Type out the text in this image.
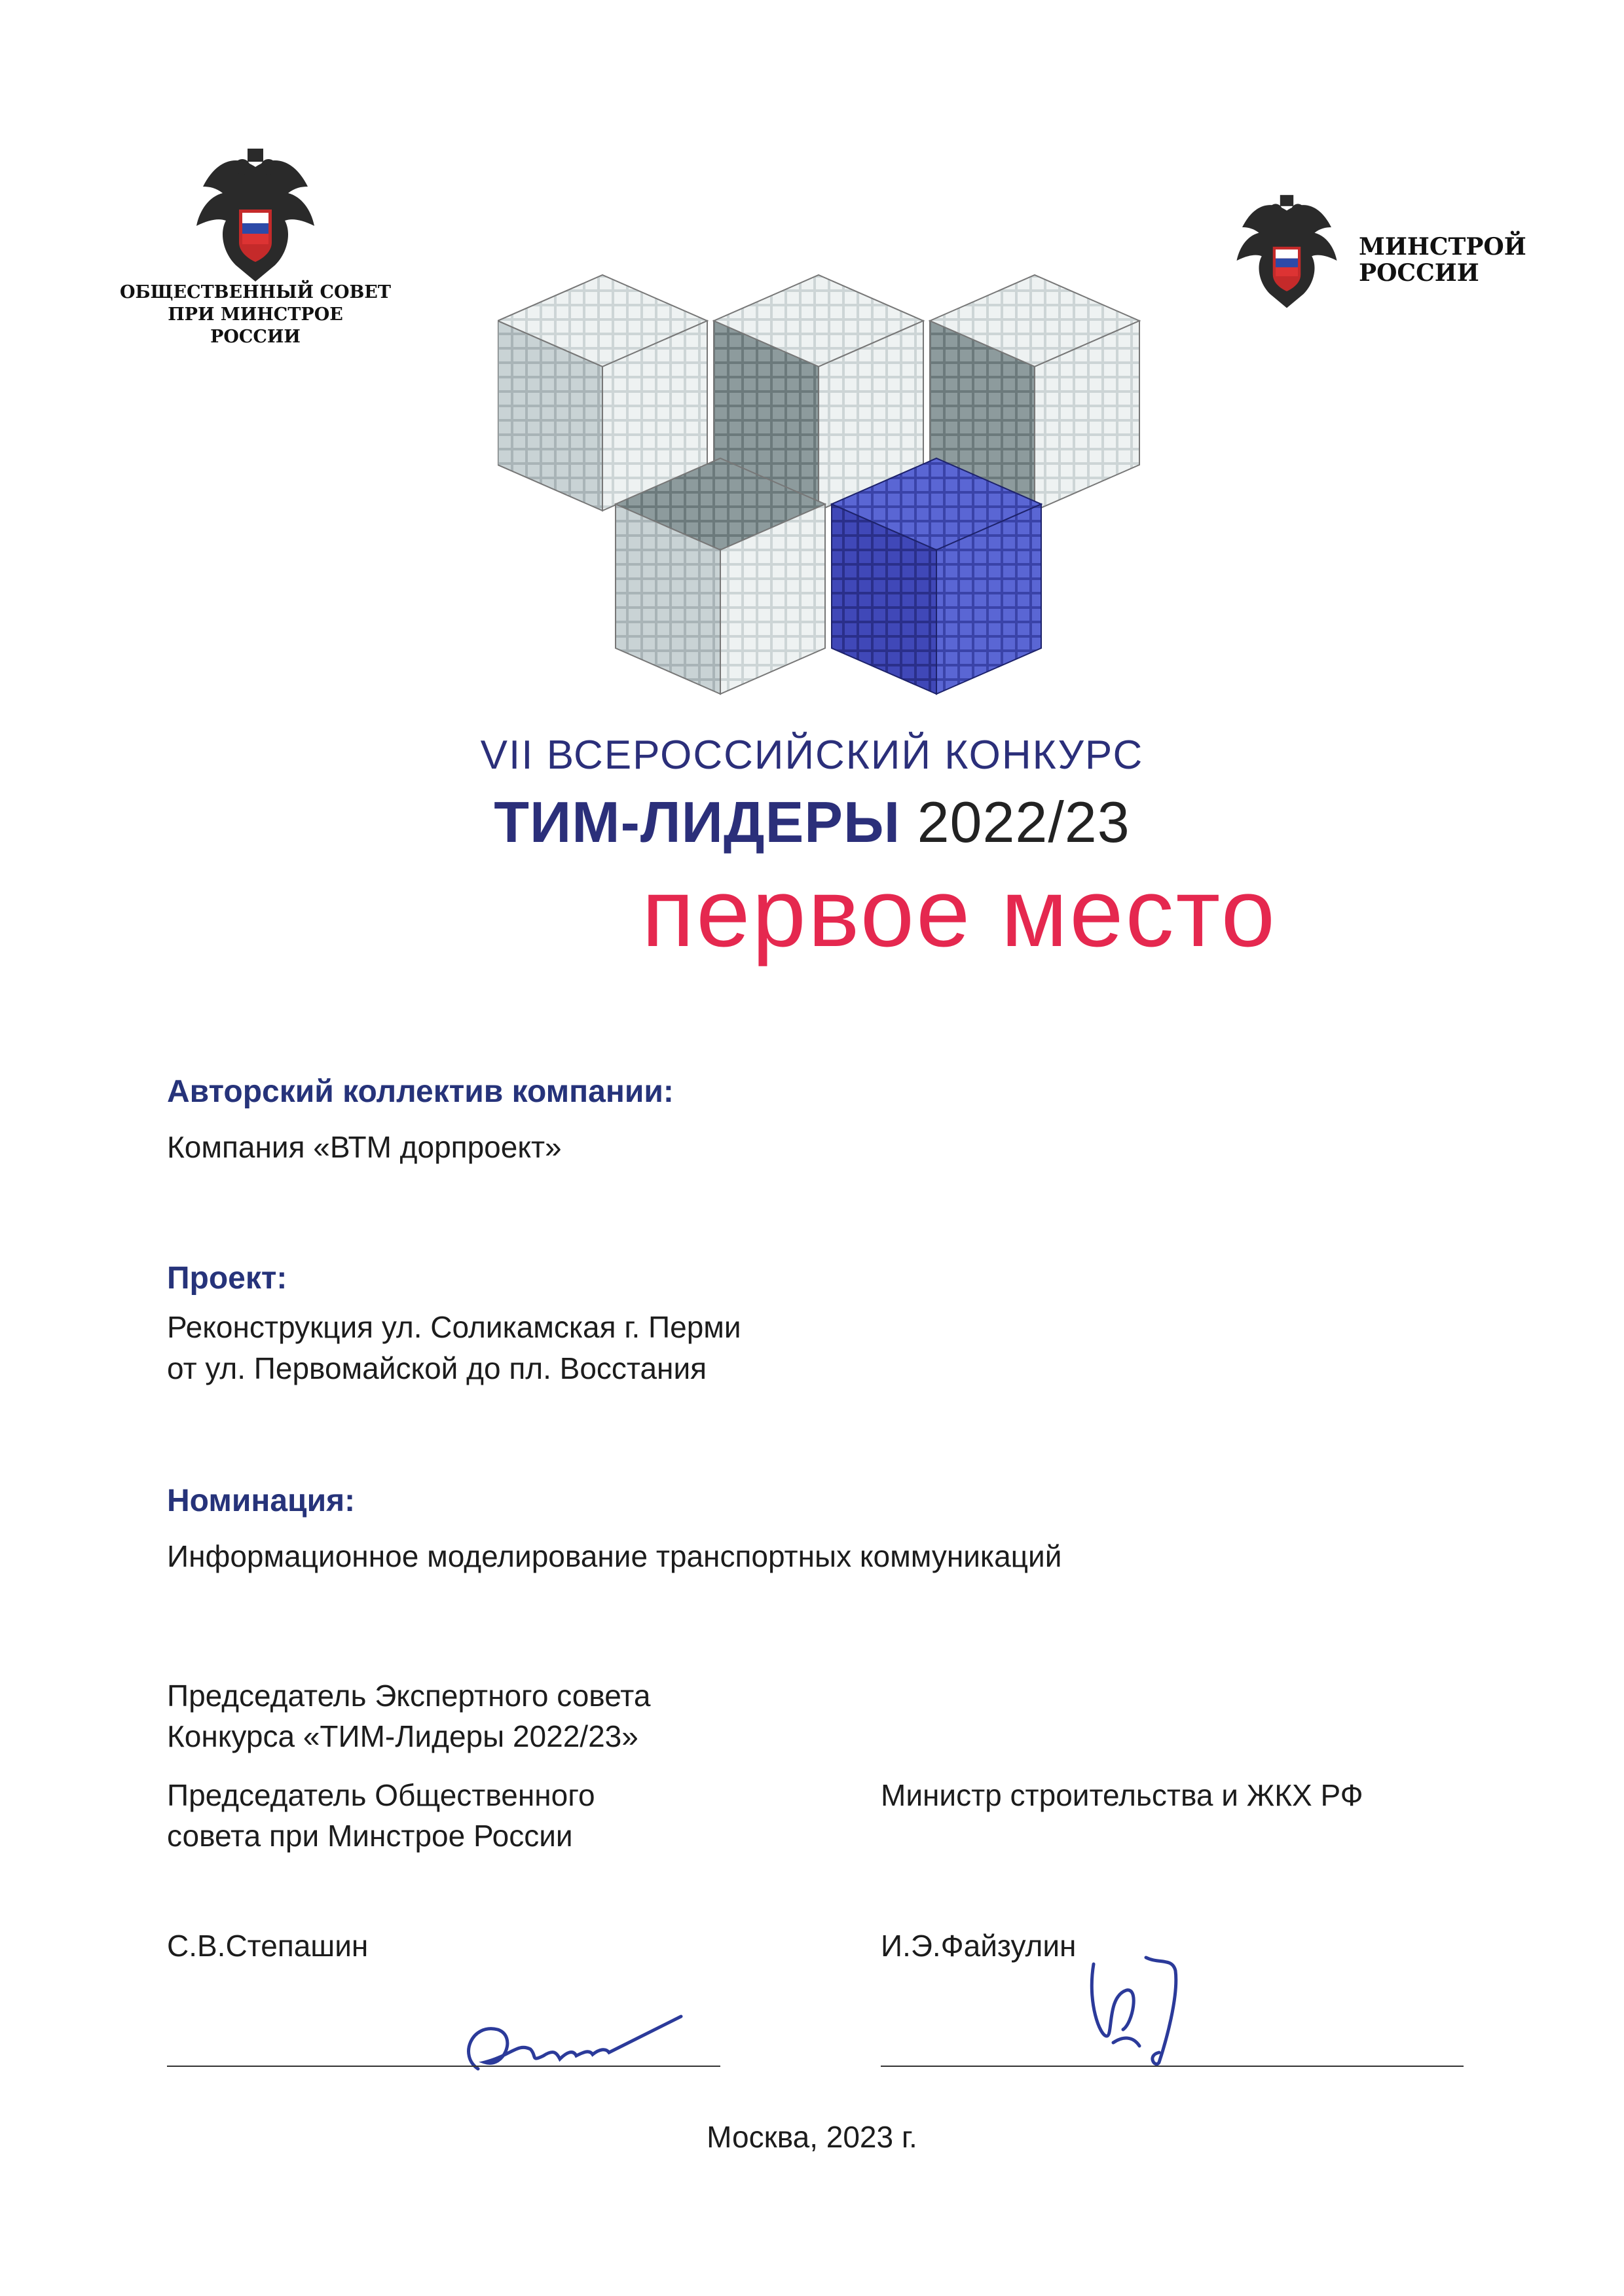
ОБЩЕСТВЕННЫЙ СОВЕТ
ПРИ МИНСТРОЕ
РОССИИ
МИНСТРОЙ
РОССИИ
VII ВСЕРОССИЙСКИЙ КОНКУРС
ТИМ-ЛИДЕРЫ 2022/23
первое место
Авторский коллектив компании:
Компания «ВТМ дорпроект»
Проект:
Реконструкция ул. Соликамская г. Перми
от ул. Первомайской до пл. Восстания
Номинация:
Информационное моделирование транспортных коммуникаций
Председатель Экспертного совета
Конкурса «ТИМ-Лидеры 2022/23»
Председатель Общественного
совета при Минстрое России
С.В.Степашин
Министр строительства и ЖКХ РФ
И.Э.Файзулин
Москва, 2023 г.
